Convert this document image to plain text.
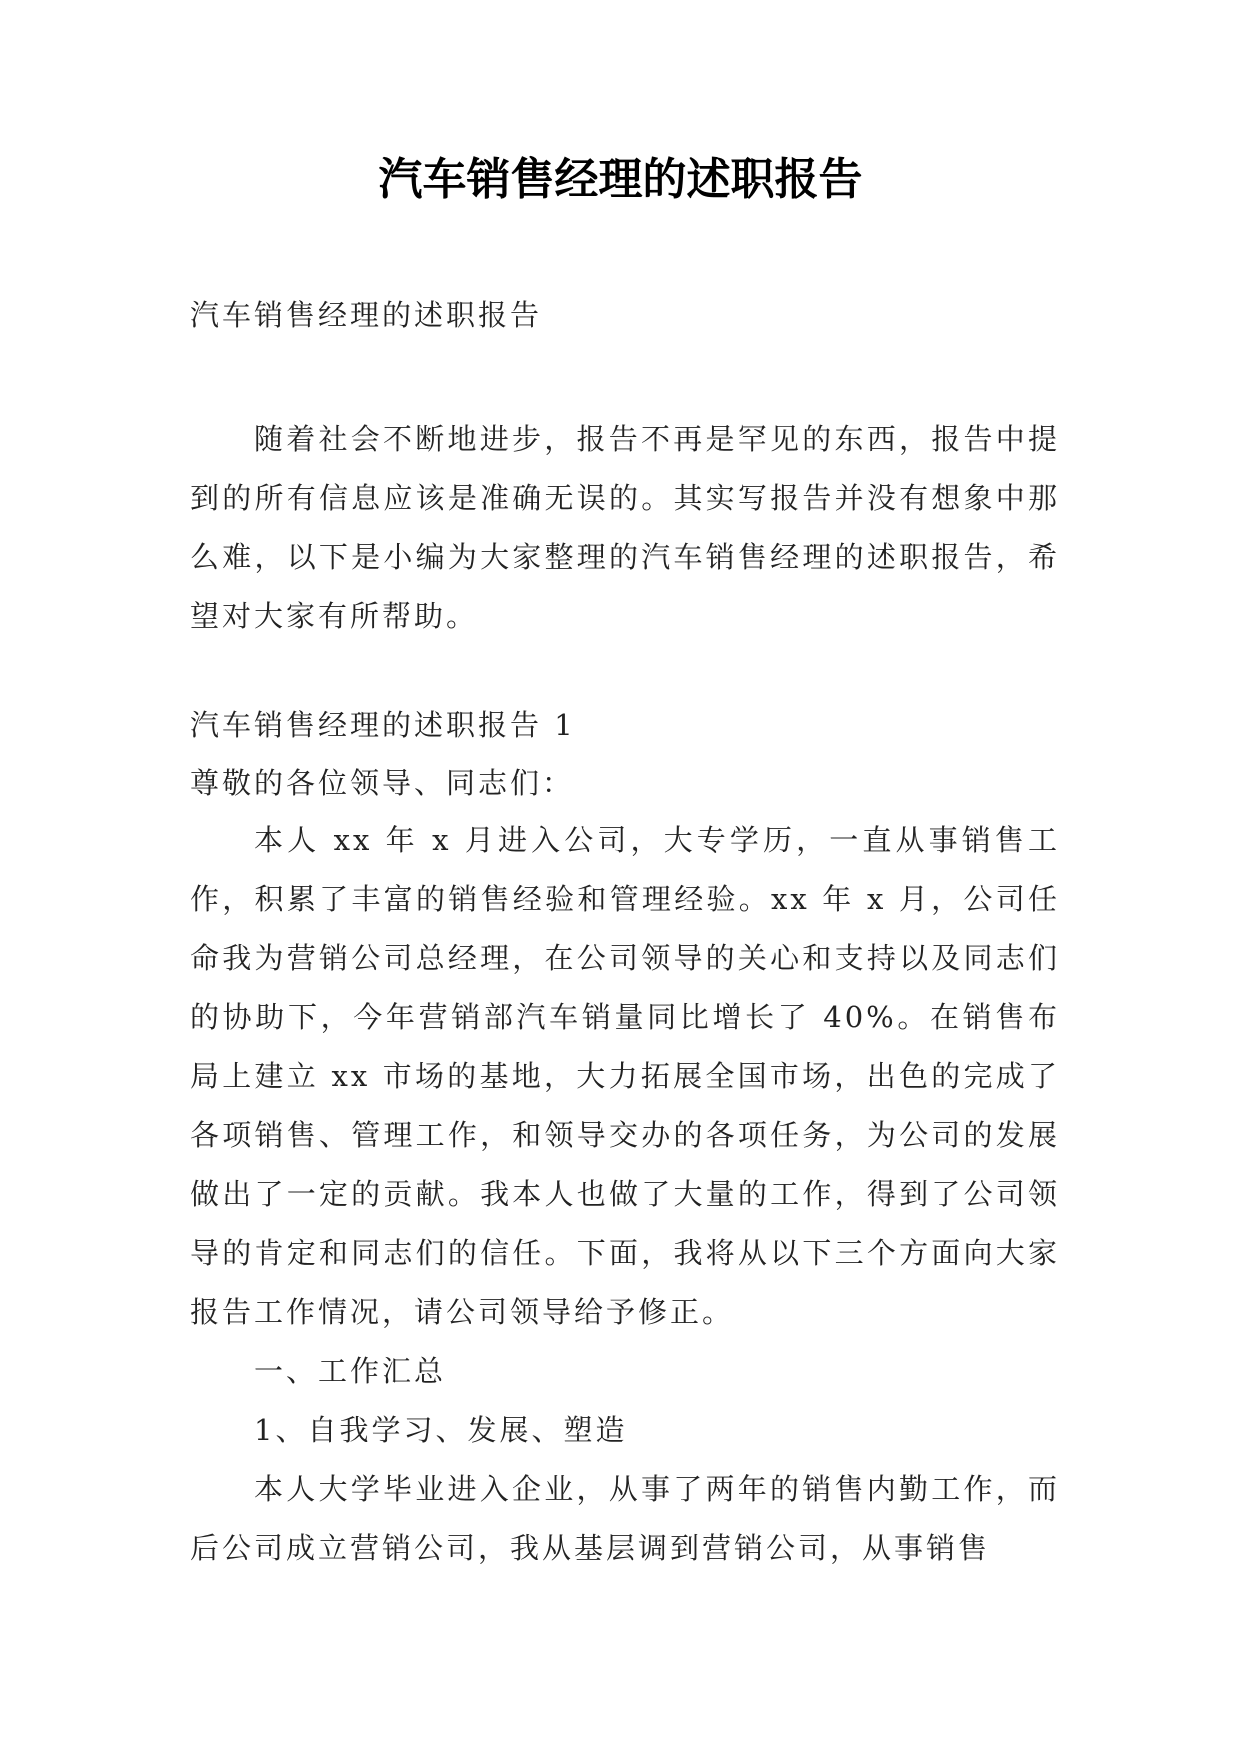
汽车销售经理的述职报告
汽车销售经理的述职报告

随着社会不断地进步，报告不再是罕见的东西，报告中提到的所有信息应该是准确无误的。其实写报告并没有想象中那么难，以下是小编为大家整理的汽车销售经理的述职报告，希望对大家有所帮助。

汽车销售经理的述职报告 1
尊敬的各位领导、同志们：

本人 xx 年 x 月进入公司，大专学历，一直从事销售工作，积累了丰富的销售经验和管理经验。xx 年 x 月，公司任命我为营销公司总经理，在公司领导的关心和支持以及同志们的协助下，今年营销部汽车销量同比增长了 40%。在销售布局上建立 xx 市场的基地，大力拓展全国市场，出色的完成了各项销售、管理工作，和领导交办的各项任务，为公司的发展做出了一定的贡献。我本人也做了大量的工作，得到了公司领导的肯定和同志们的信任。下面，我将从以下三个方面向大家报告工作情况，请公司领导给予修正。

一、工作汇总

1、自我学习、发展、塑造

本人大学毕业进入企业，从事了两年的销售内勤工作，而后公司成立营销公司，我从基层调到营销公司，从事销售
